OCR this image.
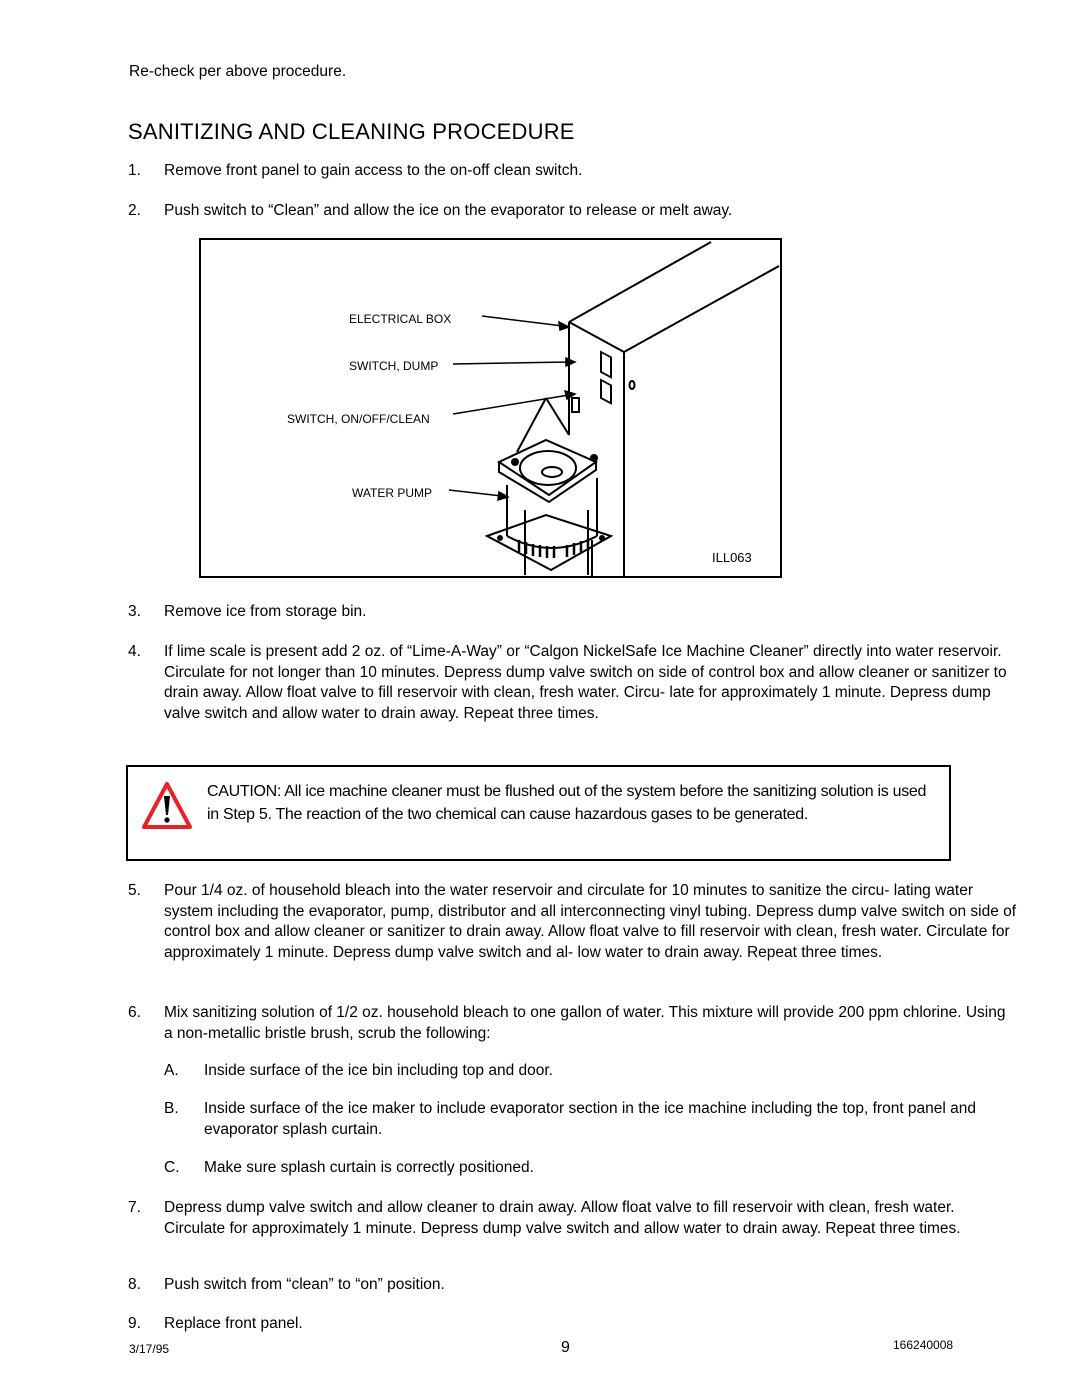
Re-check per above procedure.
SANITIZING AND CLEANING PROCEDURE
1.	Remove front panel to gain access to the on-off clean switch.
2.	Push switch to “Clean” and allow the ice on the evaporator to release or melt away.
ELECTRICAL BOX
SWITCH, DUMP
SWITCH, ON/OFF/CLEAN
WATER PUMP
ILL063
3.	Remove ice from storage bin.
4.	If lime scale is present add 2 oz. of “Lime-A-Way” or “Calgon NickelSafe Ice Machine Cleaner” directly into water reservoir. Circulate for not longer than 10 minutes. Depress dump valve switch on side of control box and allow cleaner or sanitizer to drain away. Allow float valve to fill reservoir with clean, fresh water. Circu- late for approximately 1 minute. Depress dump valve switch and allow water to drain away. Repeat three times.
CAUTION: All ice machine cleaner must be flushed out of the system before the sanitizing solution is used in Step 5. The reaction of the two chemical can cause hazardous gases to be generated.
5.	Pour 1/4 oz. of household bleach into the water reservoir and circulate for 10 minutes to sanitize the circu- lating water system including the evaporator, pump, distributor and all interconnecting vinyl tubing. Depress dump valve switch on side of control box and allow cleaner or sanitizer to drain away. Allow float valve to fill reservoir with clean, fresh water. Circulate for approximately 1 minute. Depress dump valve switch and al- low water to drain away. Repeat three times.
6.	Mix sanitizing solution of 1/2 oz. household bleach to one gallon of water. This mixture will provide 200 ppm chlorine. Using a non-metallic bristle brush, scrub the following:
A.	Inside surface of the ice bin including top and door.
B.	Inside surface of the ice maker to include evaporator section in the ice machine including the top, front panel and evaporator splash curtain.
C.	Make sure splash curtain is correctly positioned.
7.	Depress dump valve switch and allow cleaner to drain away. Allow float valve to fill reservoir with clean, fresh water. Circulate for approximately 1 minute. Depress dump valve switch and allow water to drain away. Repeat three times.
8.	Push switch from “clean” to “on” position.
9.	Replace front panel.
3/17/95	9	166240008
